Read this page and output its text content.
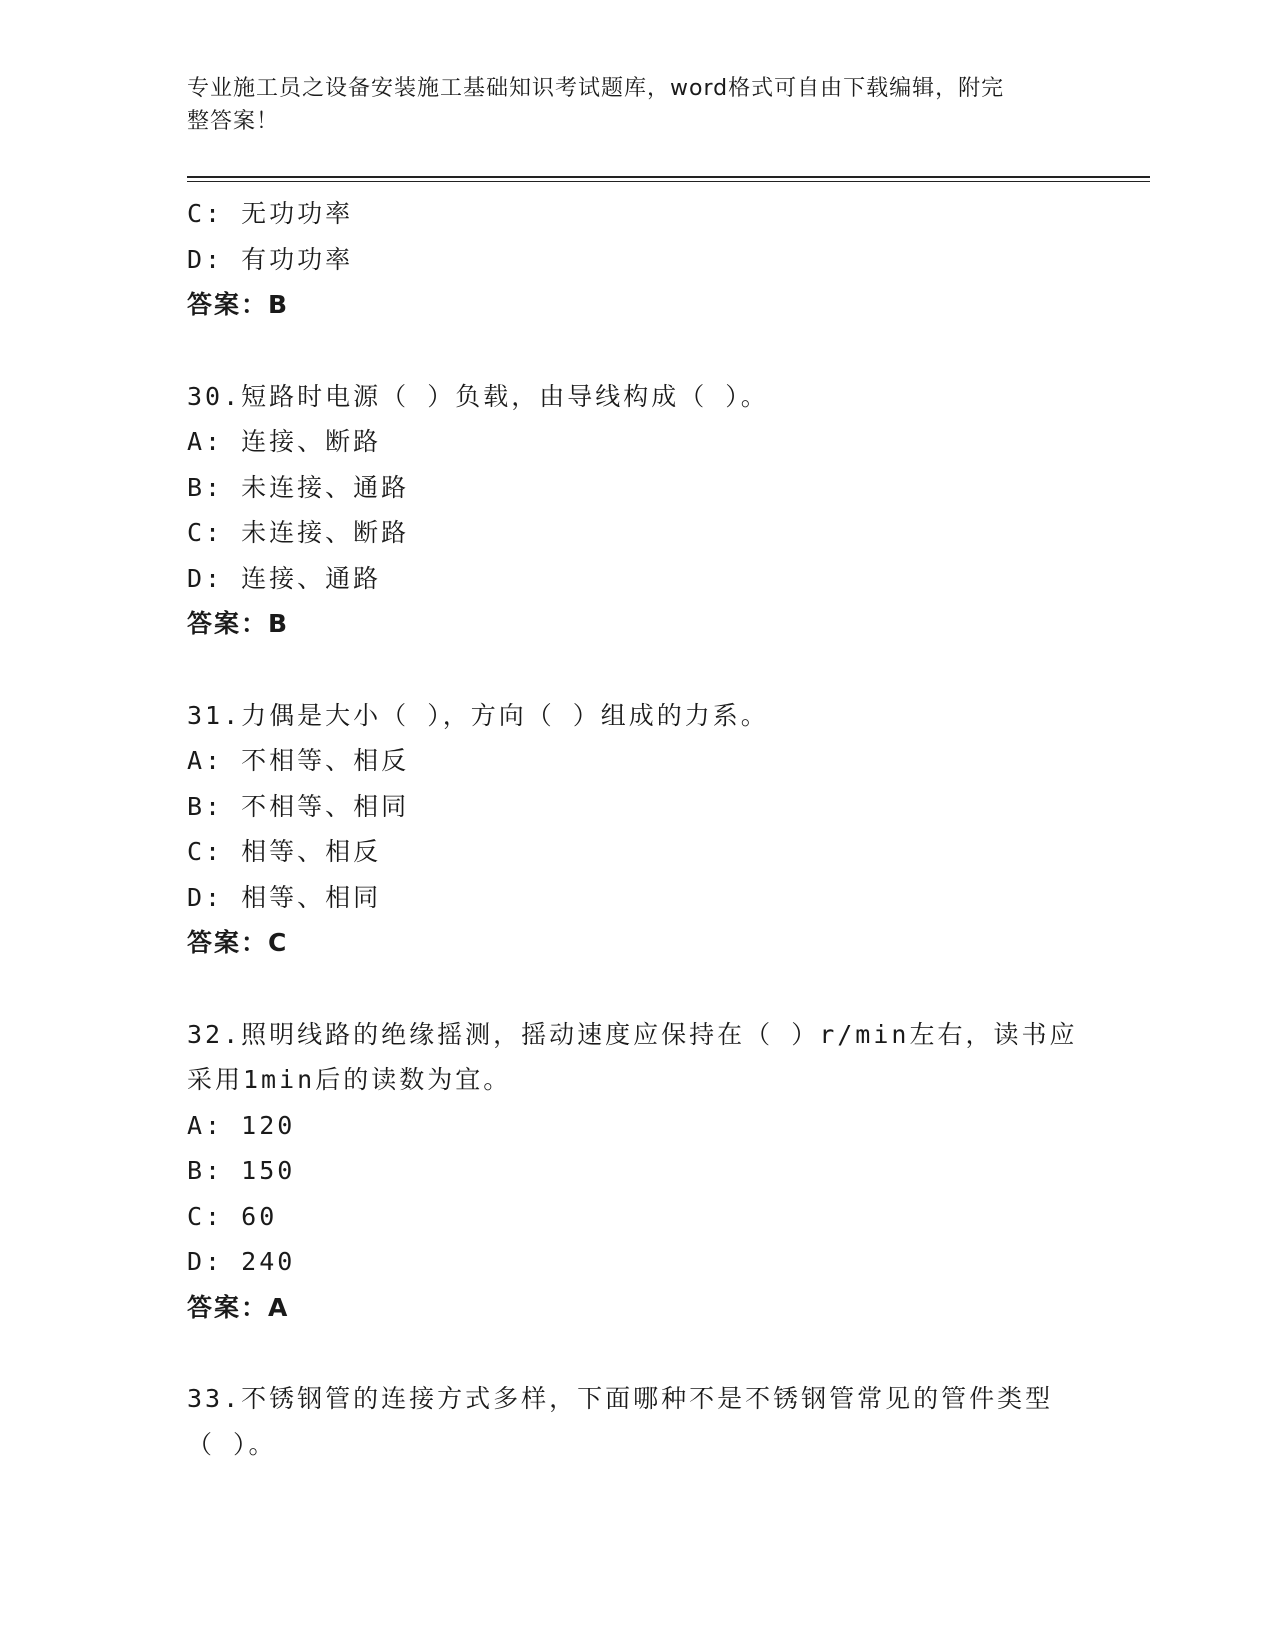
专业施工员之设备安装施工基础知识考试题库，word格式可自由下载编辑，附完
整答案！
C: 无功功率
D: 有功功率
答案：B
30.短路时电源（ ）负载，由导线构成（ ）。
A: 连接、断路
B: 未连接、通路
C: 未连接、断路
D: 连接、通路
答案：B
31.力偶是大小（ ），方向（ ）组成的力系。
A: 不相等、相反
B: 不相等、相同
C: 相等、相反
D: 相等、相同
答案：C
32.照明线路的绝缘摇测，摇动速度应保持在（ ）r/min左右，读书应
采用1min后的读数为宜。
A: 120
B: 150
C: 60
D: 240
答案：A
33.不锈钢管的连接方式多样，下面哪种不是不锈钢管常见的管件类型
（ ）。
